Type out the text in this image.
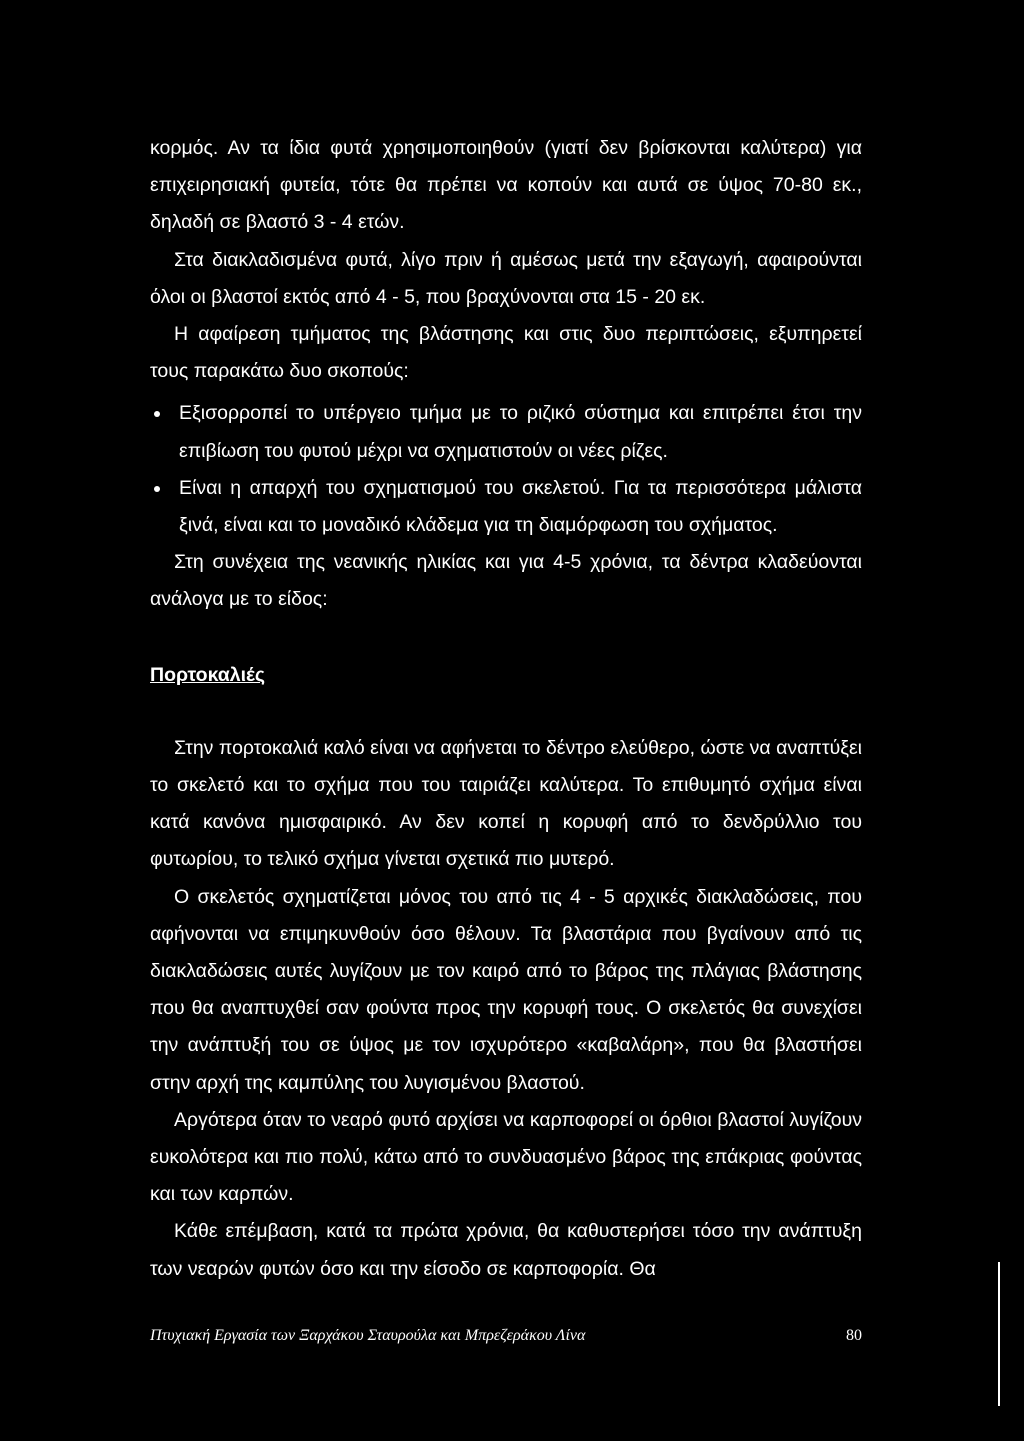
κορμός. Αν τα ίδια φυτά χρησιμοποιηθούν (γιατί δεν βρίσκονται καλύτερα) για επιχειρησιακή φυτεία, τότε θα πρέπει να κοπούν και αυτά σε ύψος 70-80 εκ., δηλαδή σε βλαστό 3 - 4 ετών.

Στα διακλαδισμένα φυτά, λίγο πριν ή αμέσως μετά την εξαγωγή, αφαιρούνται όλοι οι βλαστοί εκτός από 4 - 5, που βραχύνονται στα 15 - 20 εκ.

Η αφαίρεση τμήματος της βλάστησης και στις δυο περιπτώσεις, εξυπηρετεί τους παρακάτω δυο σκοπούς:

Εξισορροπεί το υπέργειο τμήμα με το ριζικό σύστημα και επιτρέπει έτσι την επιβίωση του φυτού μέχρι να σχηματιστούν οι νέες ρίζες.
Είναι η απαρχή του σχηματισμού του σκελετού. Για τα περισσότερα μάλιστα ξινά, είναι και το μοναδικό κλάδεμα για τη διαμόρφωση του σχήματος.

Στη συνέχεια της νεανικής ηλικίας και για 4-5 χρόνια, τα δέντρα κλαδεύονται ανάλογα με το είδος:

Πορτοκαλιές

Στην πορτοκαλιά καλό είναι να αφήνεται το δέντρο ελεύθερο, ώστε να αναπτύξει το σκελετό και το σχήμα που του ταιριάζει καλύτερα. Το επιθυμητό σχήμα είναι κατά κανόνα ημισφαιρικό. Αν δεν κοπεί η κορυφή από το δενδρύλλιο του φυτωρίου, το τελικό σχήμα γίνεται σχετικά πιο μυτερό.

Ο σκελετός σχηματίζεται μόνος του από τις 4 - 5 αρχικές διακλαδώσεις, που αφήνονται να επιμηκυνθούν όσο θέλουν. Τα βλαστάρια που βγαίνουν από τις διακλαδώσεις αυτές λυγίζουν με τον καιρό από το βάρος της πλάγιας βλάστησης που θα αναπτυχθεί σαν φούντα προς την κορυφή τους. Ο σκελετός θα συνεχίσει την ανάπτυξή του σε ύψος με τον ισχυρότερο «καβαλάρη», που θα βλαστήσει στην αρχή της καμπύλης του λυγισμένου βλαστού.

Αργότερα όταν το νεαρό φυτό αρχίσει να καρποφορεί οι όρθιοι βλαστοί λυγίζουν ευκολότερα και πιο πολύ, κάτω από το συνδυασμένο βάρος της επάκριας φούντας και των καρπών.

Κάθε επέμβαση, κατά τα πρώτα χρόνια, θα καθυστερήσει τόσο την ανάπτυξη των νεαρών φυτών όσο και την είσοδο σε καρποφορία. Θα

Πτυχιακή Εργασία των Ξαρχάκου Σταυρούλα και Μπρεζεράκου Λίνα	80
